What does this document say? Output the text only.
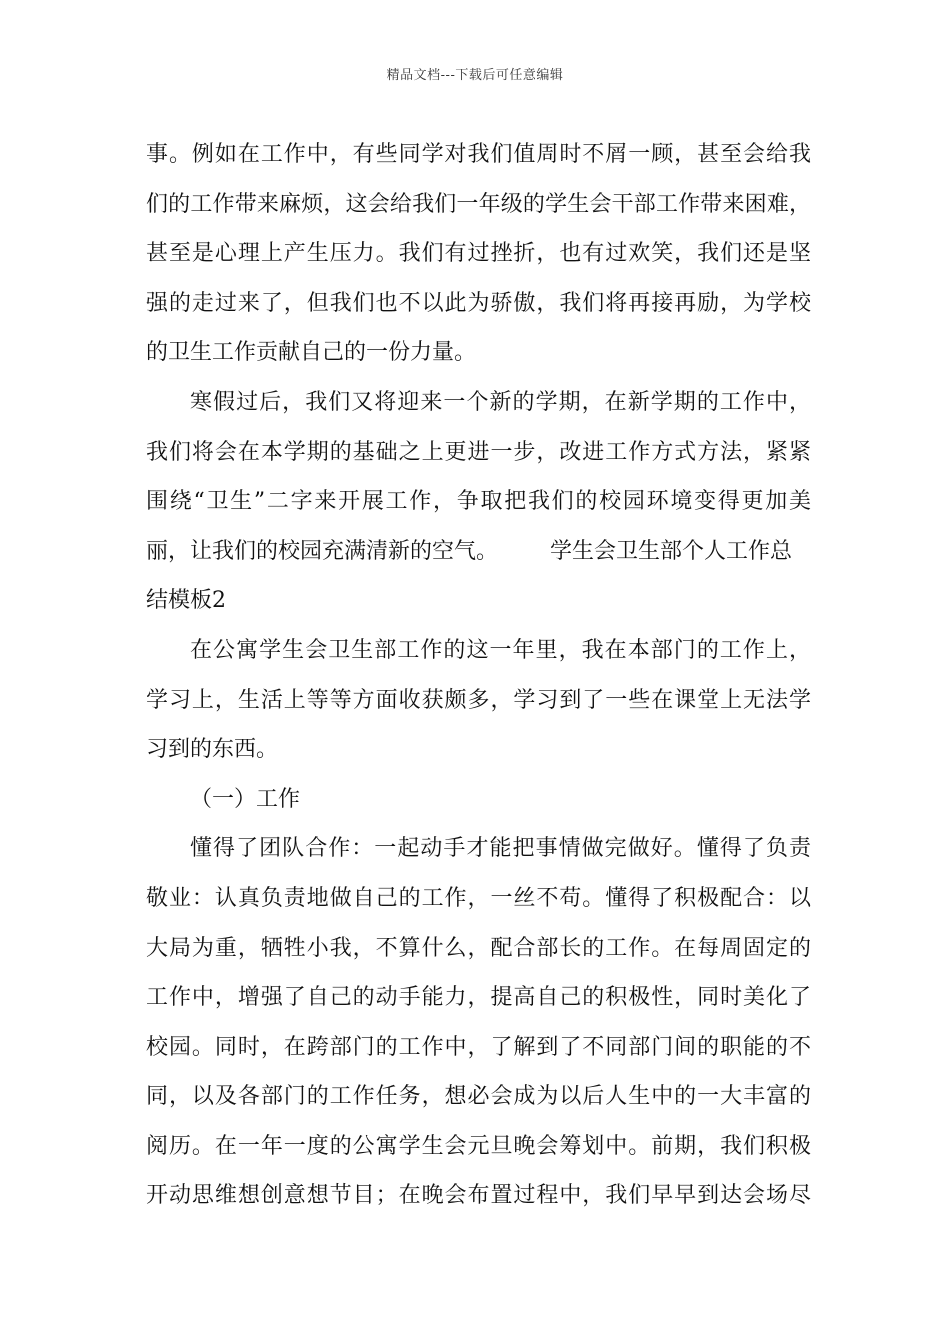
精品文档---下载后可任意编辑
事。例如在工作中，有些同学对我们值周时不屑一顾，甚至会给我
们的工作带来麻烦，这会给我们一年级的学生会干部工作带来困难，
甚至是心理上产生压力。我们有过挫折，也有过欢笑，我们还是坚
强的走过来了，但我们也不以此为骄傲，我们将再接再励，为学校
的卫生工作贡献自己的一份力量。
寒假过后，我们又将迎来一个新的学期，在新学期的工作中，
我们将会在本学期的基础之上更进一步，改进工作方式方法，紧紧
围绕“卫生”二字来开展工作，争取把我们的校园环境变得更加美
丽，让我们的校园充满清新的空气。 学生会卫生部个人工作总
结模板2
在公寓学生会卫生部工作的这一年里，我在本部门的工作上，
学习上，生活上等等方面收获颇多，学习到了一些在课堂上无法学
习到的东西。
（一）工作
懂得了团队合作：一起动手才能把事情做完做好。懂得了负责
敬业：认真负责地做自己的工作，一丝不苟。懂得了积极配合：以
大局为重，牺牲小我，不算什么，配合部长的工作。在每周固定的
工作中，增强了自己的动手能力，提高自己的积极性，同时美化了
校园。同时，在跨部门的工作中，了解到了不同部门间的职能的不
同，以及各部门的工作任务，想必会成为以后人生中的一大丰富的
阅历。在一年一度的公寓学生会元旦晚会筹划中。前期，我们积极
开动思维想创意想节目；在晚会布置过程中，我们早早到达会场尽
